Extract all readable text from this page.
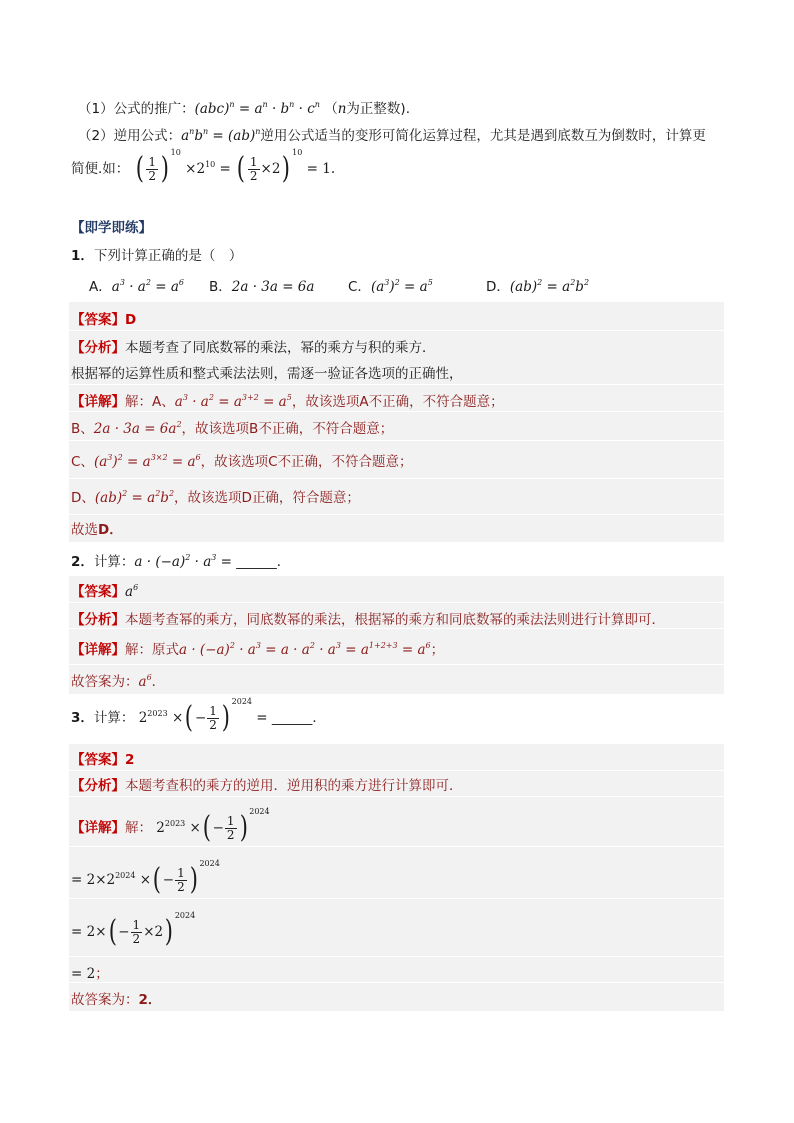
（1）公式的推广：$(abc)^n = a^n \cdot b^n \cdot c^n$ （n为正整数).
（2）逆用公式：$a^nb^n = (ab)^n$逆用公式适当的变形可简化运算过程，尤其是遇到底数互为倒数时，计算更
简便.如： ( $\frac{1}{2}$ ) $^{10} \times 2^{10}$ = ( $\frac{1}{2} \times 2$) $^{10}$ = 1.
【即学即练】
1．下列计算正确的是（　）
A．$a^3 \cdot a^2 = a^6$ B．2a · 3a = 6a C．$(a^3)^2 = a^5$	D．$(ab)^2 = a^2b^2$
【答案】D
【分析】本题考查了同底数幂的乘法，幂的乘方与积的乘方．
根据幂的运算性质和整式乘法法则，需逐一验证各选项的正确性，
【详解】解：A、$a^3 \cdot a^2 = a^{3+2} = a^5$，故该选项A不正确，不符合题意；
B、$2a \cdot 3a = 6a^2$，故该选项B不正确，不符合题意；
C、$(a^3)^2 = a^{3\times 2} = a^6$，故该选项C不正确，不符合题意；
D、$(ab)^2 = a^2b^2$，故该选项D正确，符合题意；
故选D．
2．计算：$a \cdot (-a)^2 \cdot a^3$ = ______．
【答案】$a^6$
【分析】本题考查幂的乘方，同底数幂的乘法，根据幂的乘方和同底数幂的乘法法则进行计算即可．
【详解】解：原式$a \cdot (-a)^2 \cdot a^3 = a \cdot a^2 \cdot a^3 = a^{1+2+3} = a^6$；
故答案为：$a^6$．
3．计算： $2^{2023}$ ×( − $\frac{1}{2}$ ) $^{2024}$ = ______．
【答案】2
【分析】本题考查积的乘方的逆用．逆用积的乘方进行计算即可．
【详解】解： $2^{2023}$ ×( − $\frac{1}{2}$ ) $^{2024}$
= $2\times 2^{2024}$ ×( − $\frac{1}{2}$ ) $^{2024}$
= $2\times( - \frac{1}{2} \times 2)$ $^{2024}$
= 2；
故答案为：2．
